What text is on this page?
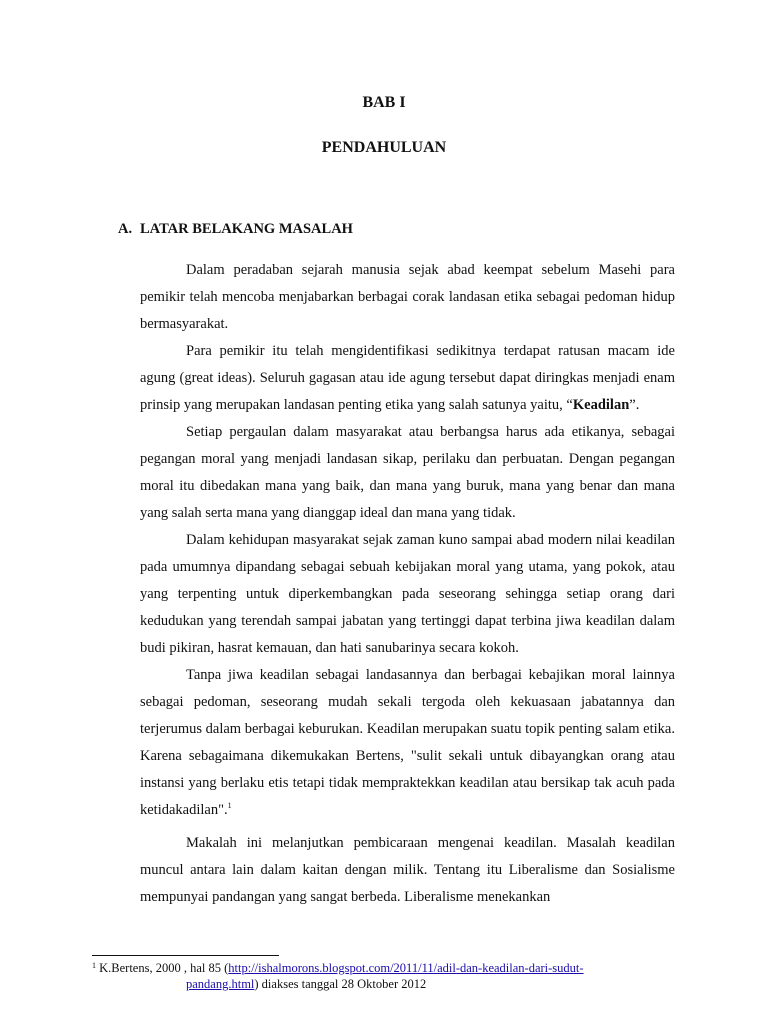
BAB I
PENDAHULUAN
A. LATAR BELAKANG MASALAH

Dalam peradaban sejarah manusia sejak abad keempat sebelum Masehi para pemikir telah mencoba menjabarkan berbagai corak landasan etika sebagai pedoman hidup bermasyarakat.

Para pemikir itu telah mengidentifikasi sedikitnya terdapat ratusan macam ide agung (great ideas). Seluruh gagasan atau ide agung tersebut dapat diringkas menjadi enam prinsip yang merupakan landasan penting etika yang salah satunya yaitu, “Keadilan”.

Setiap pergaulan dalam masyarakat atau berbangsa harus ada etikanya, sebagai pegangan moral yang menjadi landasan sikap, perilaku dan perbuatan. Dengan pegangan moral itu dibedakan mana yang baik, dan mana yang buruk, mana yang benar dan mana yang salah serta mana yang dianggap ideal dan mana yang tidak.

Dalam kehidupan masyarakat sejak zaman kuno sampai abad modern nilai keadilan pada umumnya dipandang sebagai sebuah kebijakan moral yang utama, yang pokok, atau yang terpenting untuk diperkembangkan pada seseorang sehingga setiap orang dari kedudukan yang terendah sampai jabatan yang tertinggi dapat terbina jiwa keadilan dalam budi pikiran, hasrat kemauan, dan hati sanubarinya secara kokoh.

Tanpa jiwa keadilan sebagai landasannya dan berbagai kebajikan moral lainnya sebagai pedoman, seseorang mudah sekali tergoda oleh kekuasaan jabatannya dan terjerumus dalam berbagai keburukan. Keadilan merupakan suatu topik penting salam etika. Karena sebagaimana dikemukakan Bertens, "sulit sekali untuk dibayangkan orang atau instansi yang berlaku etis tetapi tidak mempraktekkan keadilan atau bersikap tak acuh pada ketidakadilan".$^1$

Makalah ini melanjutkan pembicaraan mengenai keadilan. Masalah keadilan muncul antara lain dalam kaitan dengan milik. Tentang itu Liberalisme dan Sosialisme mempunyai pandangan yang sangat berbeda. Liberalisme menekankan

$^1$ K.Bertens, 2000 , hal 85 (http://ishalmorons.blogspot.com/2011/11/adil-dan-keadilan-dari-sudut-
pandang.html) diakses tanggal 28 Oktober 2012
